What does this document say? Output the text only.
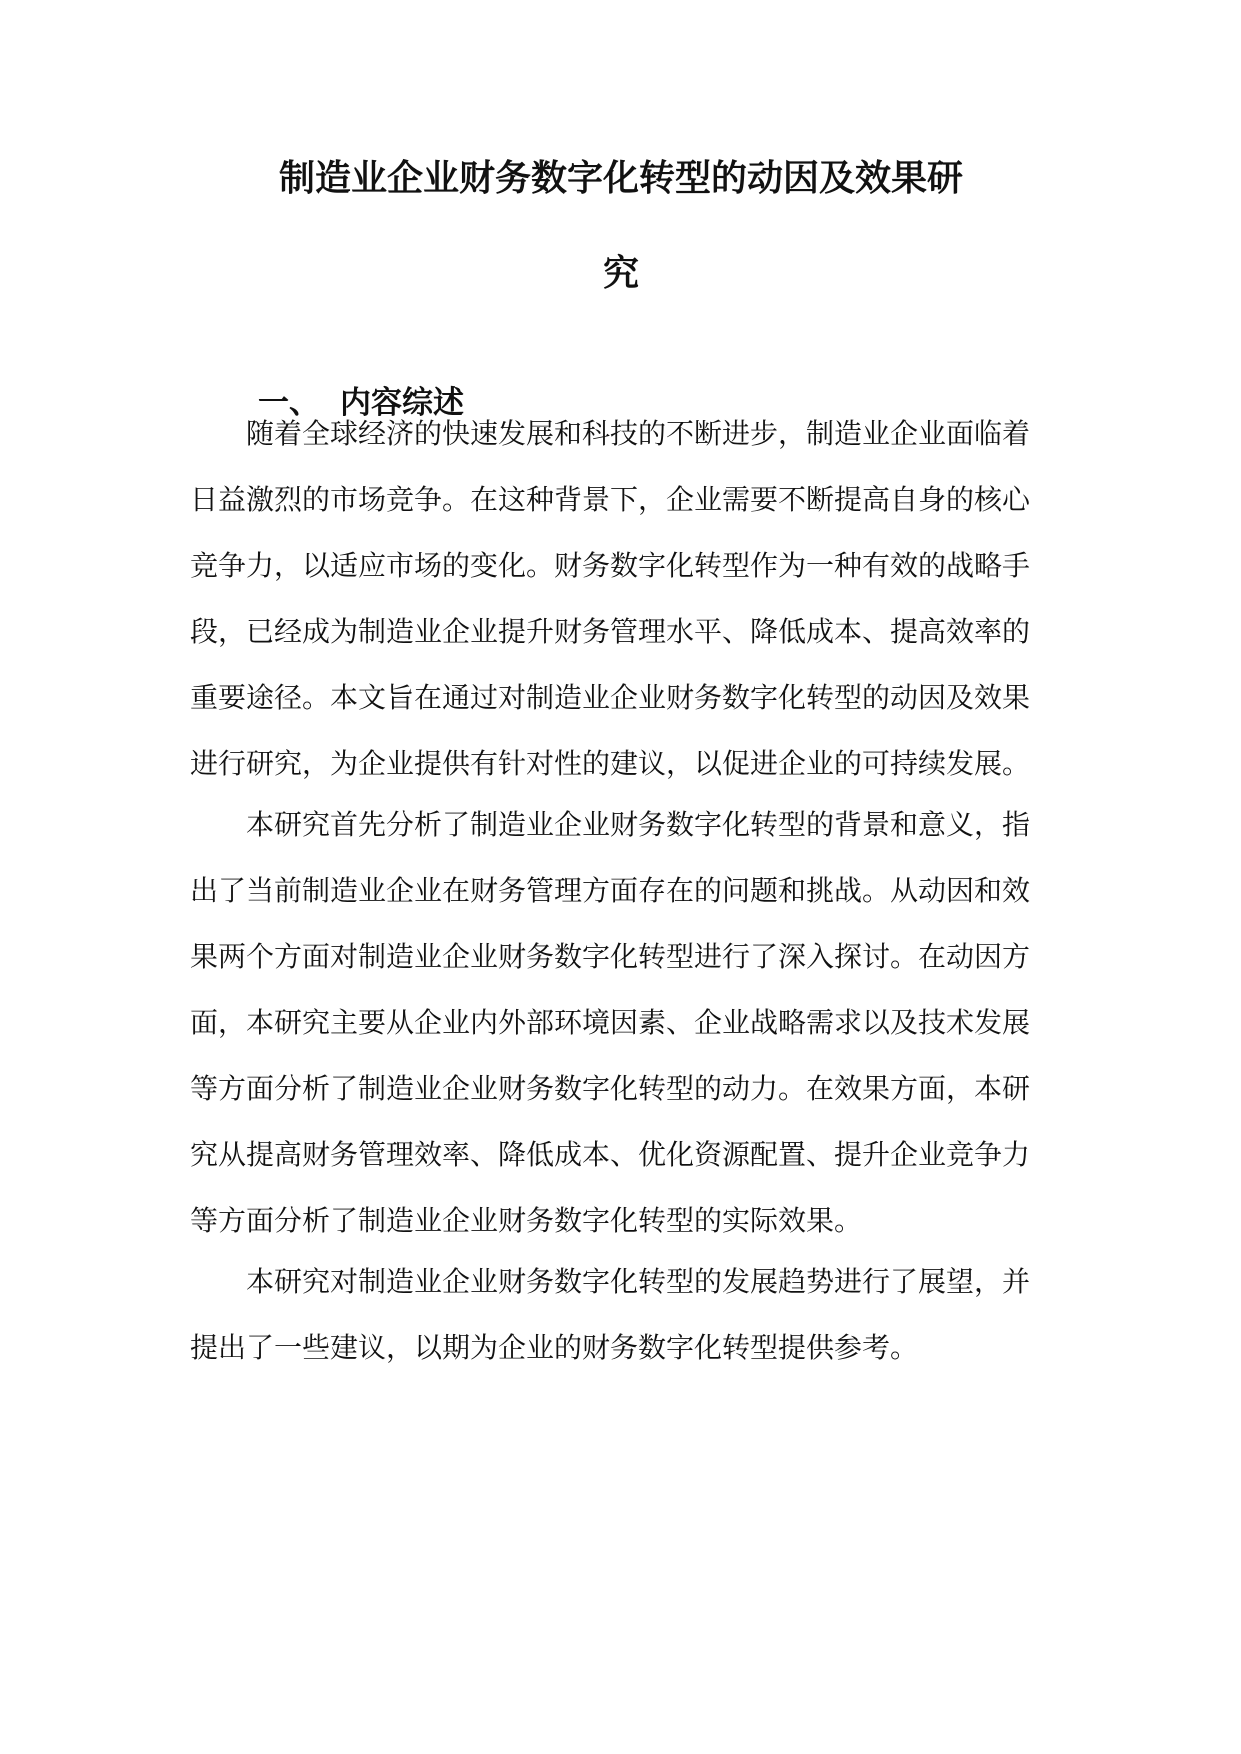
制造业企业财务数字化转型的动因及效果研
究
一、 内容综述

随着全球经济的快速发展和科技的不断进步，制造业企业面临着

日益激烈的市场竞争。在这种背景下，企业需要不断提高自身的核心

竞争力，以适应市场的变化。财务数字化转型作为一种有效的战略手

段，已经成为制造业企业提升财务管理水平、降低成本、提高效率的

重要途径。本文旨在通过对制造业企业财务数字化转型的动因及效果

进行研究，为企业提供有针对性的建议，以促进企业的可持续发展。

本研究首先分析了制造业企业财务数字化转型的背景和意义，指

出了当前制造业企业在财务管理方面存在的问题和挑战。从动因和效

果两个方面对制造业企业财务数字化转型进行了深入探讨。在动因方

面，本研究主要从企业内外部环境因素、企业战略需求以及技术发展

等方面分析了制造业企业财务数字化转型的动力。在效果方面，本研

究从提高财务管理效率、降低成本、优化资源配置、提升企业竞争力

等方面分析了制造业企业财务数字化转型的实际效果。

本研究对制造业企业财务数字化转型的发展趋势进行了展望，并

提出了一些建议，以期为企业的财务数字化转型提供参考。
